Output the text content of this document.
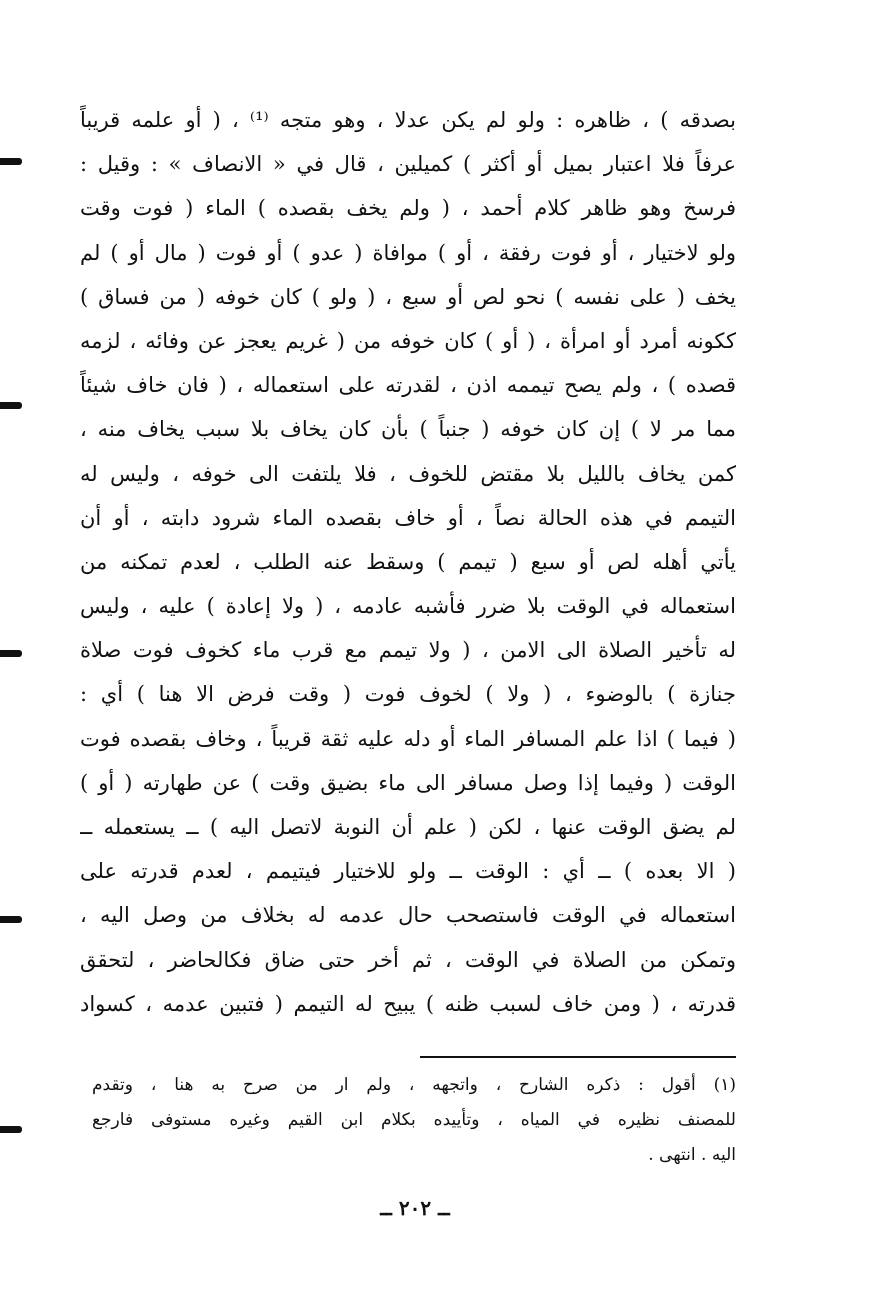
بصدقه ) ، ظاهره : ولو لم يكن عدلا ، وهو متجه ⁽¹⁾ ، ( أو علمه قريباً
عرفاً فلا اعتبار بميل أو أكثر ) كميلين ، قال في « الانصاف » : وقيل :
فرسخ وهو ظاهر كلام أحمد ، ( ولم يخف بقصده ) الماء ( فوت وقت
ولو لاختيار ، أو فوت رفقة ، أو ) موافاة ( عدو ) أو فوت ( مال أو ) لم
يخف ( على نفسه ) نحو لص أو سبع ، ( ولو ) كان خوفه ( من فساق )
ككونه أمرد أو امرأة ، ( أو ) كان خوفه من ( غريم يعجز عن وفائه ، لزمه
قصده ) ، ولم يصح تيممه اذن ، لقدرته على استعماله ، ( فان خاف شيئاً
مما مر لا ) إن كان خوفه ( جنباً ) بأن كان يخاف بلا سبب يخاف منه ،
كمن يخاف بالليل بلا مقتض للخوف ، فلا يلتفت الى خوفه ، وليس له
التيمم في هذه الحالة نصاً ، أو خاف بقصده الماء شرود دابته ، أو أن
يأتي أهله لص أو سبع ( تيمم ) وسقط عنه الطلب ، لعدم تمكنه من
استعماله في الوقت بلا ضرر فأشبه عادمه ، ( ولا إعادة ) عليه ، وليس
له تأخير الصلاة الى الامن ، ( ولا تيمم مع قرب ماء كخوف فوت صلاة
جنازة ) بالوضوء ، ( ولا ) لخوف فوت ( وقت فرض الا هنا ) أي :
( فيما ) اذا علم المسافر الماء أو دله عليه ثقة قريباً ، وخاف بقصده فوت
الوقت ( وفيما إذا وصل مسافر الى ماء بضيق وقت ) عن طهارته ( أو )
لم يضق الوقت عنها ، لكن ( علم أن النوبة لاتصل اليه ) ــ يستعمله ــ
( الا بعده ) ــ أي : الوقت ــ ولو للاختيار فيتيمم ، لعدم قدرته على
استعماله في الوقت فاستصحب حال عدمه له بخلاف من وصل اليه ،
وتمكن من الصلاة في الوقت ، ثم أخر حتى ضاق فكالحاضر ، لتحقق
قدرته ، ( ومن خاف لسبب ظنه ) يبيح له التيمم ( فتبين عدمه ، كسواد
(١) أقول : ذكره الشارح ، واتجهه ، ولم ار من صرح به هنا ، وتقدم
للمصنف نظيره في المياه ، وتأييده بكلام ابن القيم وغيره مستوفى فارجع
اليه . انتهى .
ــ ٢٠٢ ــ
